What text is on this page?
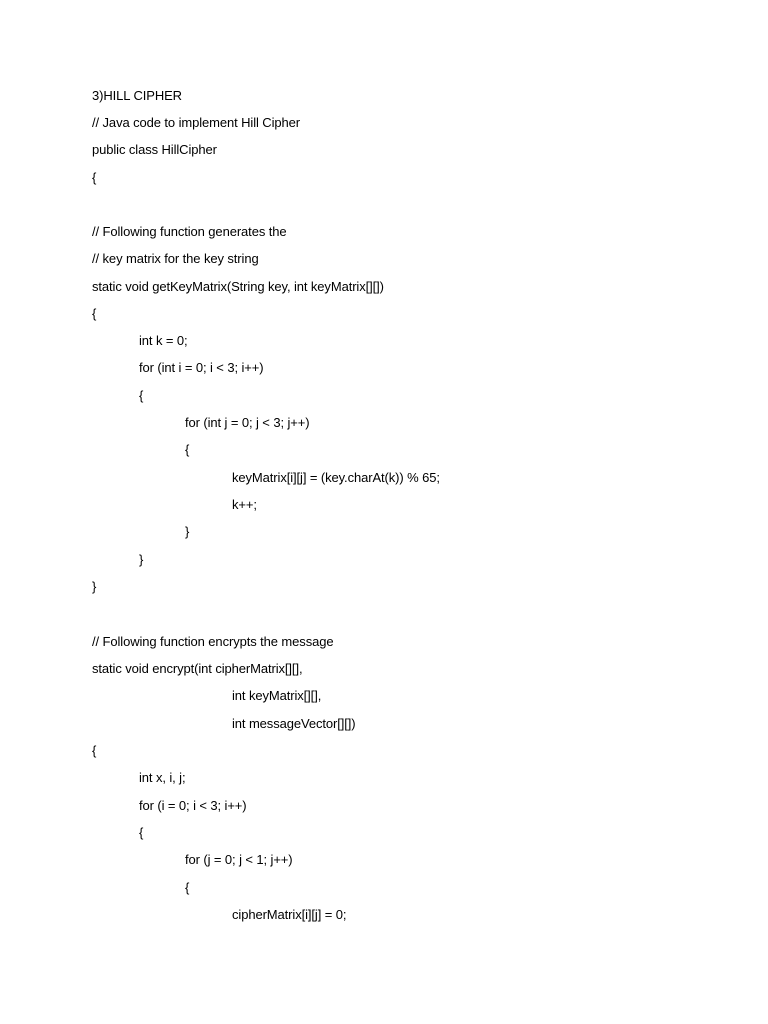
3)HILL CIPHER
// Java code to implement Hill Cipher
public class HillCipher
{
// Following function generates the
// key matrix for the key string
static void getKeyMatrix(String key, int keyMatrix[][])
{
int k = 0;
for (int i = 0; i < 3; i++)
{
for (int j = 0; j < 3; j++)
{
keyMatrix[i][j] = (key.charAt(k)) % 65;
k++;
}
}
}
// Following function encrypts the message
static void encrypt(int cipherMatrix[][],
int keyMatrix[][],
int messageVector[][])
{
int x, i, j;
for (i = 0; i < 3; i++)
{
for (j = 0; j < 1; j++)
{
cipherMatrix[i][j] = 0;
